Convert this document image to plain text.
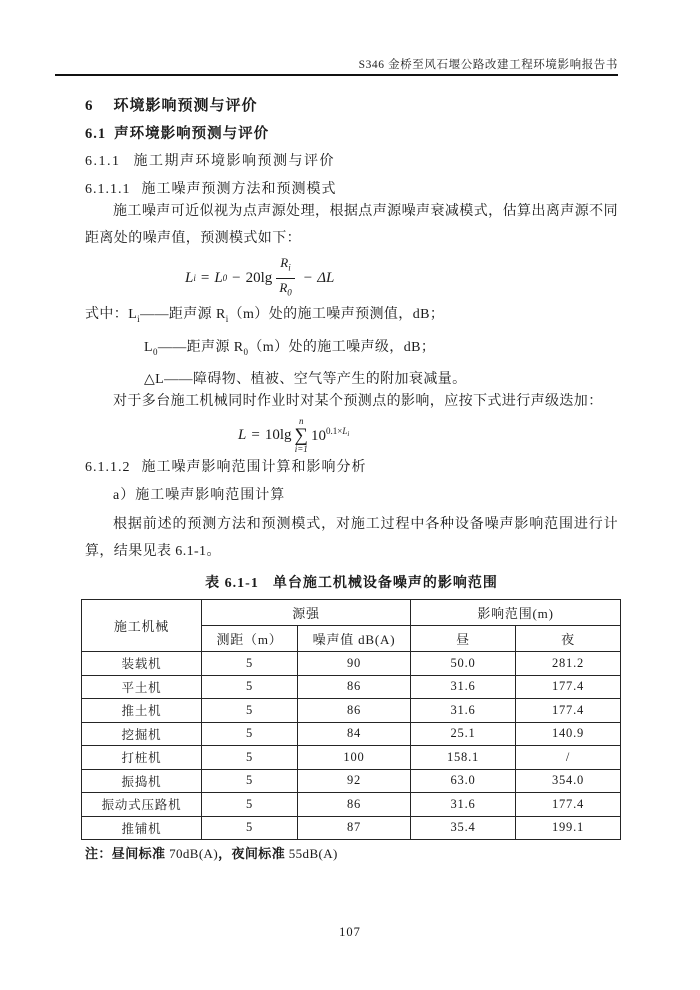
S346 金桥至风石堰公路改建工程环境影响报告书
6 环境影响预测与评价
6.1 声环境影响预测与评价
6.1.1 施工期声环境影响预测与评价
6.1.1.1 施工噪声预测方法和预测模式

施工噪声可近似视为点声源处理，根据点声源噪声衰减模式，估算出离声源不同距离处的噪声值，预测模式如下：

L i = L $0 - 20\lg \frac{R_i}{R_0} - \Delta L$

式中：$L_i——$距声源 $R_i(m)$处的施工噪声预测值，dB；

$L_0——$距声源 $R_0(m)$处的施工噪声级，dB；

△L——障碍物、植被、空气等产生的附加衰减量。

对于多台施工机械同时作业时对某个预测点的影响，应按下式进行声级迭加：

L = 10lg
n
∑
i=1
$10^{0.1\times L_i}$
6.1.1.2 施工噪声影响范围计算和影响分析
a）施工噪声影响范围计算

根据前述的预测方法和预测模式，对施工过程中各种设备噪声影响范围进行计算，结果见表 6.1-1。

表 6.1-1 单台施工机械设备噪声的影响范围
施工机械	源强		影响范围(m)	
	测距（m）	噪声值 dB(A)	昼	夜
装载机	5	90	50.0	281.2
平土机	5	86	31.6	177.4
推土机	5	86	31.6	177.4
挖掘机	5	84	25.1	140.9
打桩机	5	100	158.1	/
振捣机	5	92	63.0	354.0
振动式压路机	5	86	31.6	177.4
推铺机	5	87	35.4	199.1
注：昼间标准 70dB(A)，夜间标准 55dB(A)
107
